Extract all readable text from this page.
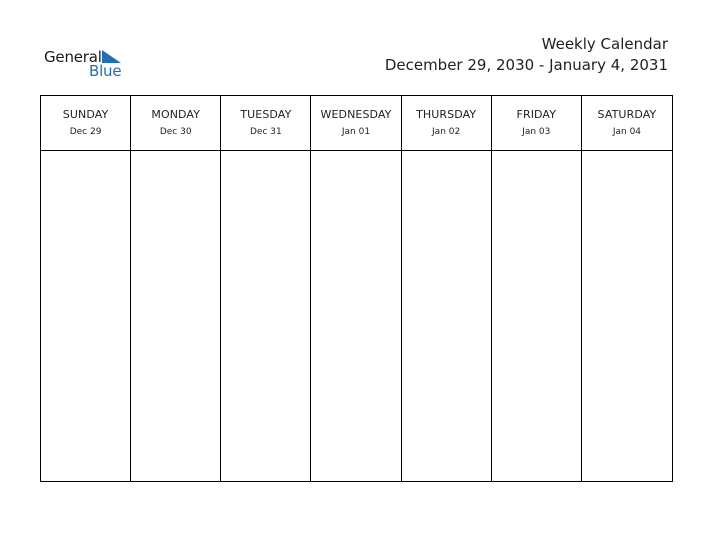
General
Blue
Weekly Calendar
December 29, 2030 - January 4, 2031
SUNDAY
Dec 29
MONDAY
Dec 30
TUESDAY
Dec 31
WEDNESDAY
Jan 01
THURSDAY
Jan 02
FRIDAY
Jan 03
SATURDAY
Jan 04
